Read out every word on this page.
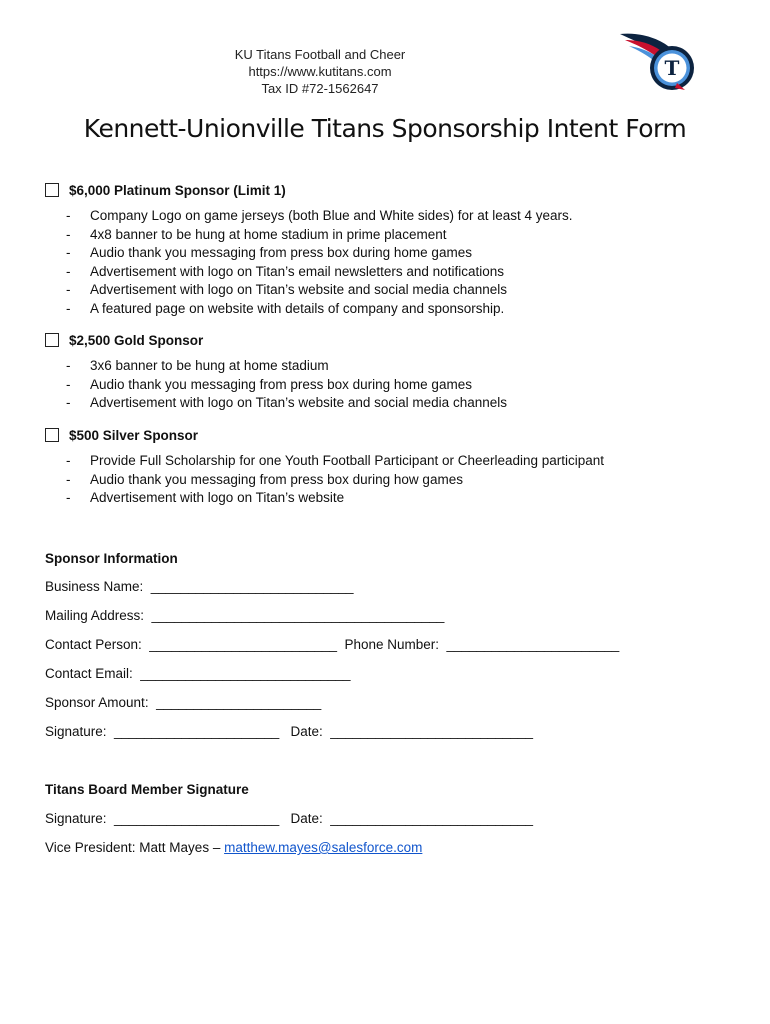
KU Titans Football and Cheer
https://www.kutitans.com
Tax ID #72-1562647
T
Kennett-Unionville Titans Sponsorship Intent Form
$6,000 Platinum Sponsor (Limit 1)
- Company Logo on game jerseys (both Blue and White sides) for at least 4 years.
- 4x8 banner to be hung at home stadium in prime placement
- Audio thank you messaging from press box during home games
- Advertisement with logo on Titan’s email newsletters and notifications
- Advertisement with logo on Titan’s website and social media channels
- A featured page on website with details of company and sponsorship.
$2,500 Gold Sponsor
- 3x6 banner to be hung at home stadium
- Audio thank you messaging from press box during home games
- Advertisement with logo on Titan’s website and social media channels
$500 Silver Sponsor
- Provide Full Scholarship for one Youth Football Participant or Cheerleading participant
- Audio thank you messaging from press box during how games
- Advertisement with logo on Titan’s website
Sponsor Information
Business Name:  ___________________________
Mailing Address:  _______________________________________
Contact Person:  _________________________  Phone Number:  _______________________
Contact Email:  ____________________________
Sponsor Amount:  ______________________
Signature:  ______________________   Date:  ___________________________
Titans Board Member Signature
Signature:  ______________________   Date:  ___________________________
Vice President: Matt Mayes – matthew.mayes@salesforce.com
